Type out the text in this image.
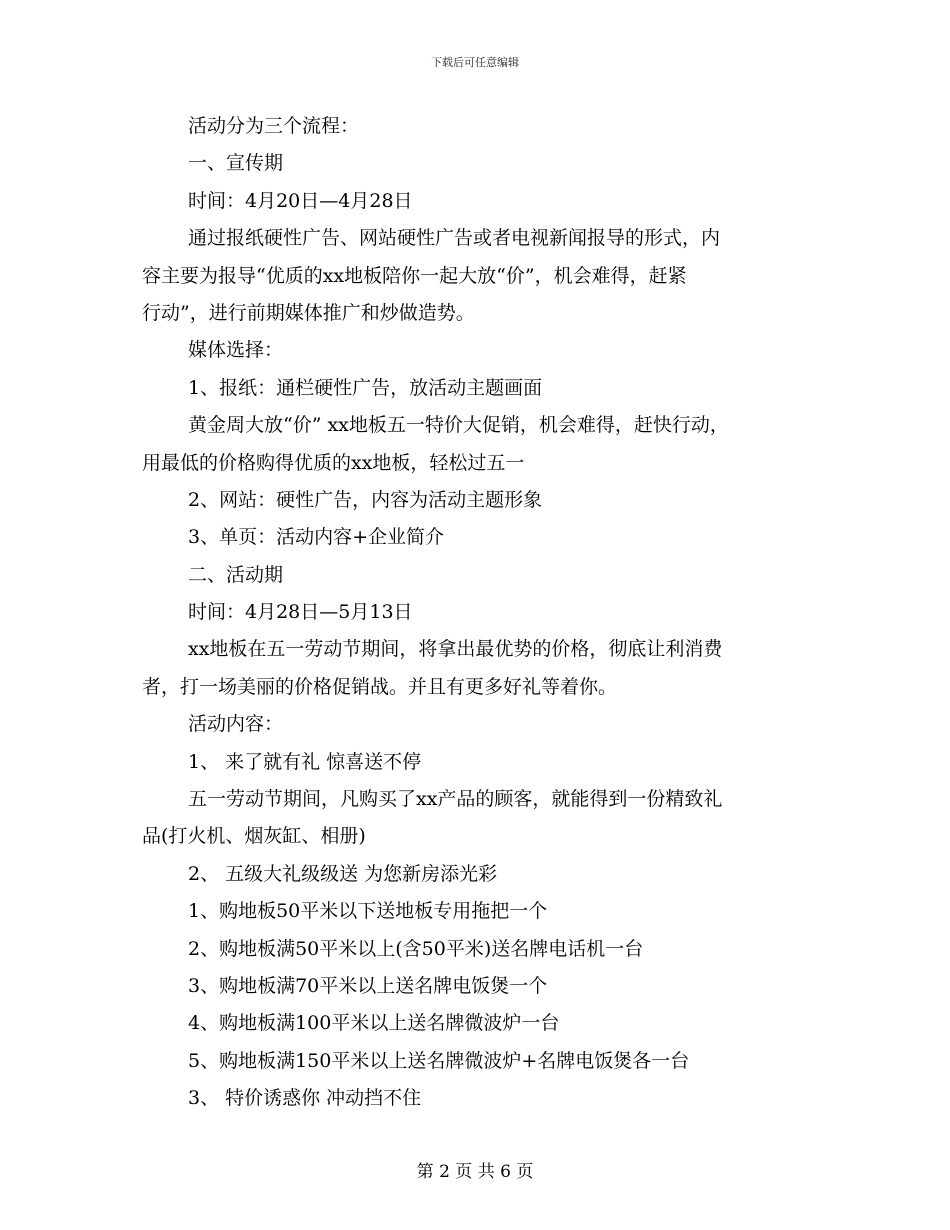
下载后可任意编辑
活动分为三个流程：
一、宣传期
时间：4月20日—4月28日
通过报纸硬性广告、网站硬性广告或者电视新闻报导的形式，内
容主要为报导“优质的xx地板陪你一起大放“价”，机会难得，赶紧
行动”，进行前期媒体推广和炒做造势。
媒体选择：
1、报纸：通栏硬性广告，放活动主题画面
黄金周大放“价” xx地板五一特价大促销，机会难得，赶快行动，
用最低的价格购得优质的xx地板，轻松过五一
2、网站：硬性广告，内容为活动主题形象
3、单页：活动内容+企业简介
二、活动期
时间：4月28日—5月13日
xx地板在五一劳动节期间，将拿出最优势的价格，彻底让利消费
者，打一场美丽的价格促销战。并且有更多好礼等着你。
活动内容：
1、 来了就有礼 惊喜送不停
五一劳动节期间，凡购买了xx产品的顾客，就能得到一份精致礼
品(打火机、烟灰缸、相册)
2、 五级大礼级级送 为您新房添光彩
1、购地板50平米以下送地板专用拖把一个
2、购地板满50平米以上(含50平米)送名牌电话机一台
3、购地板满70平米以上送名牌电饭煲一个
4、购地板满100平米以上送名牌微波炉一台
5、购地板满150平米以上送名牌微波炉+名牌电饭煲各一台
3、 特价诱惑你 冲动挡不住
第 2 页 共 6 页
